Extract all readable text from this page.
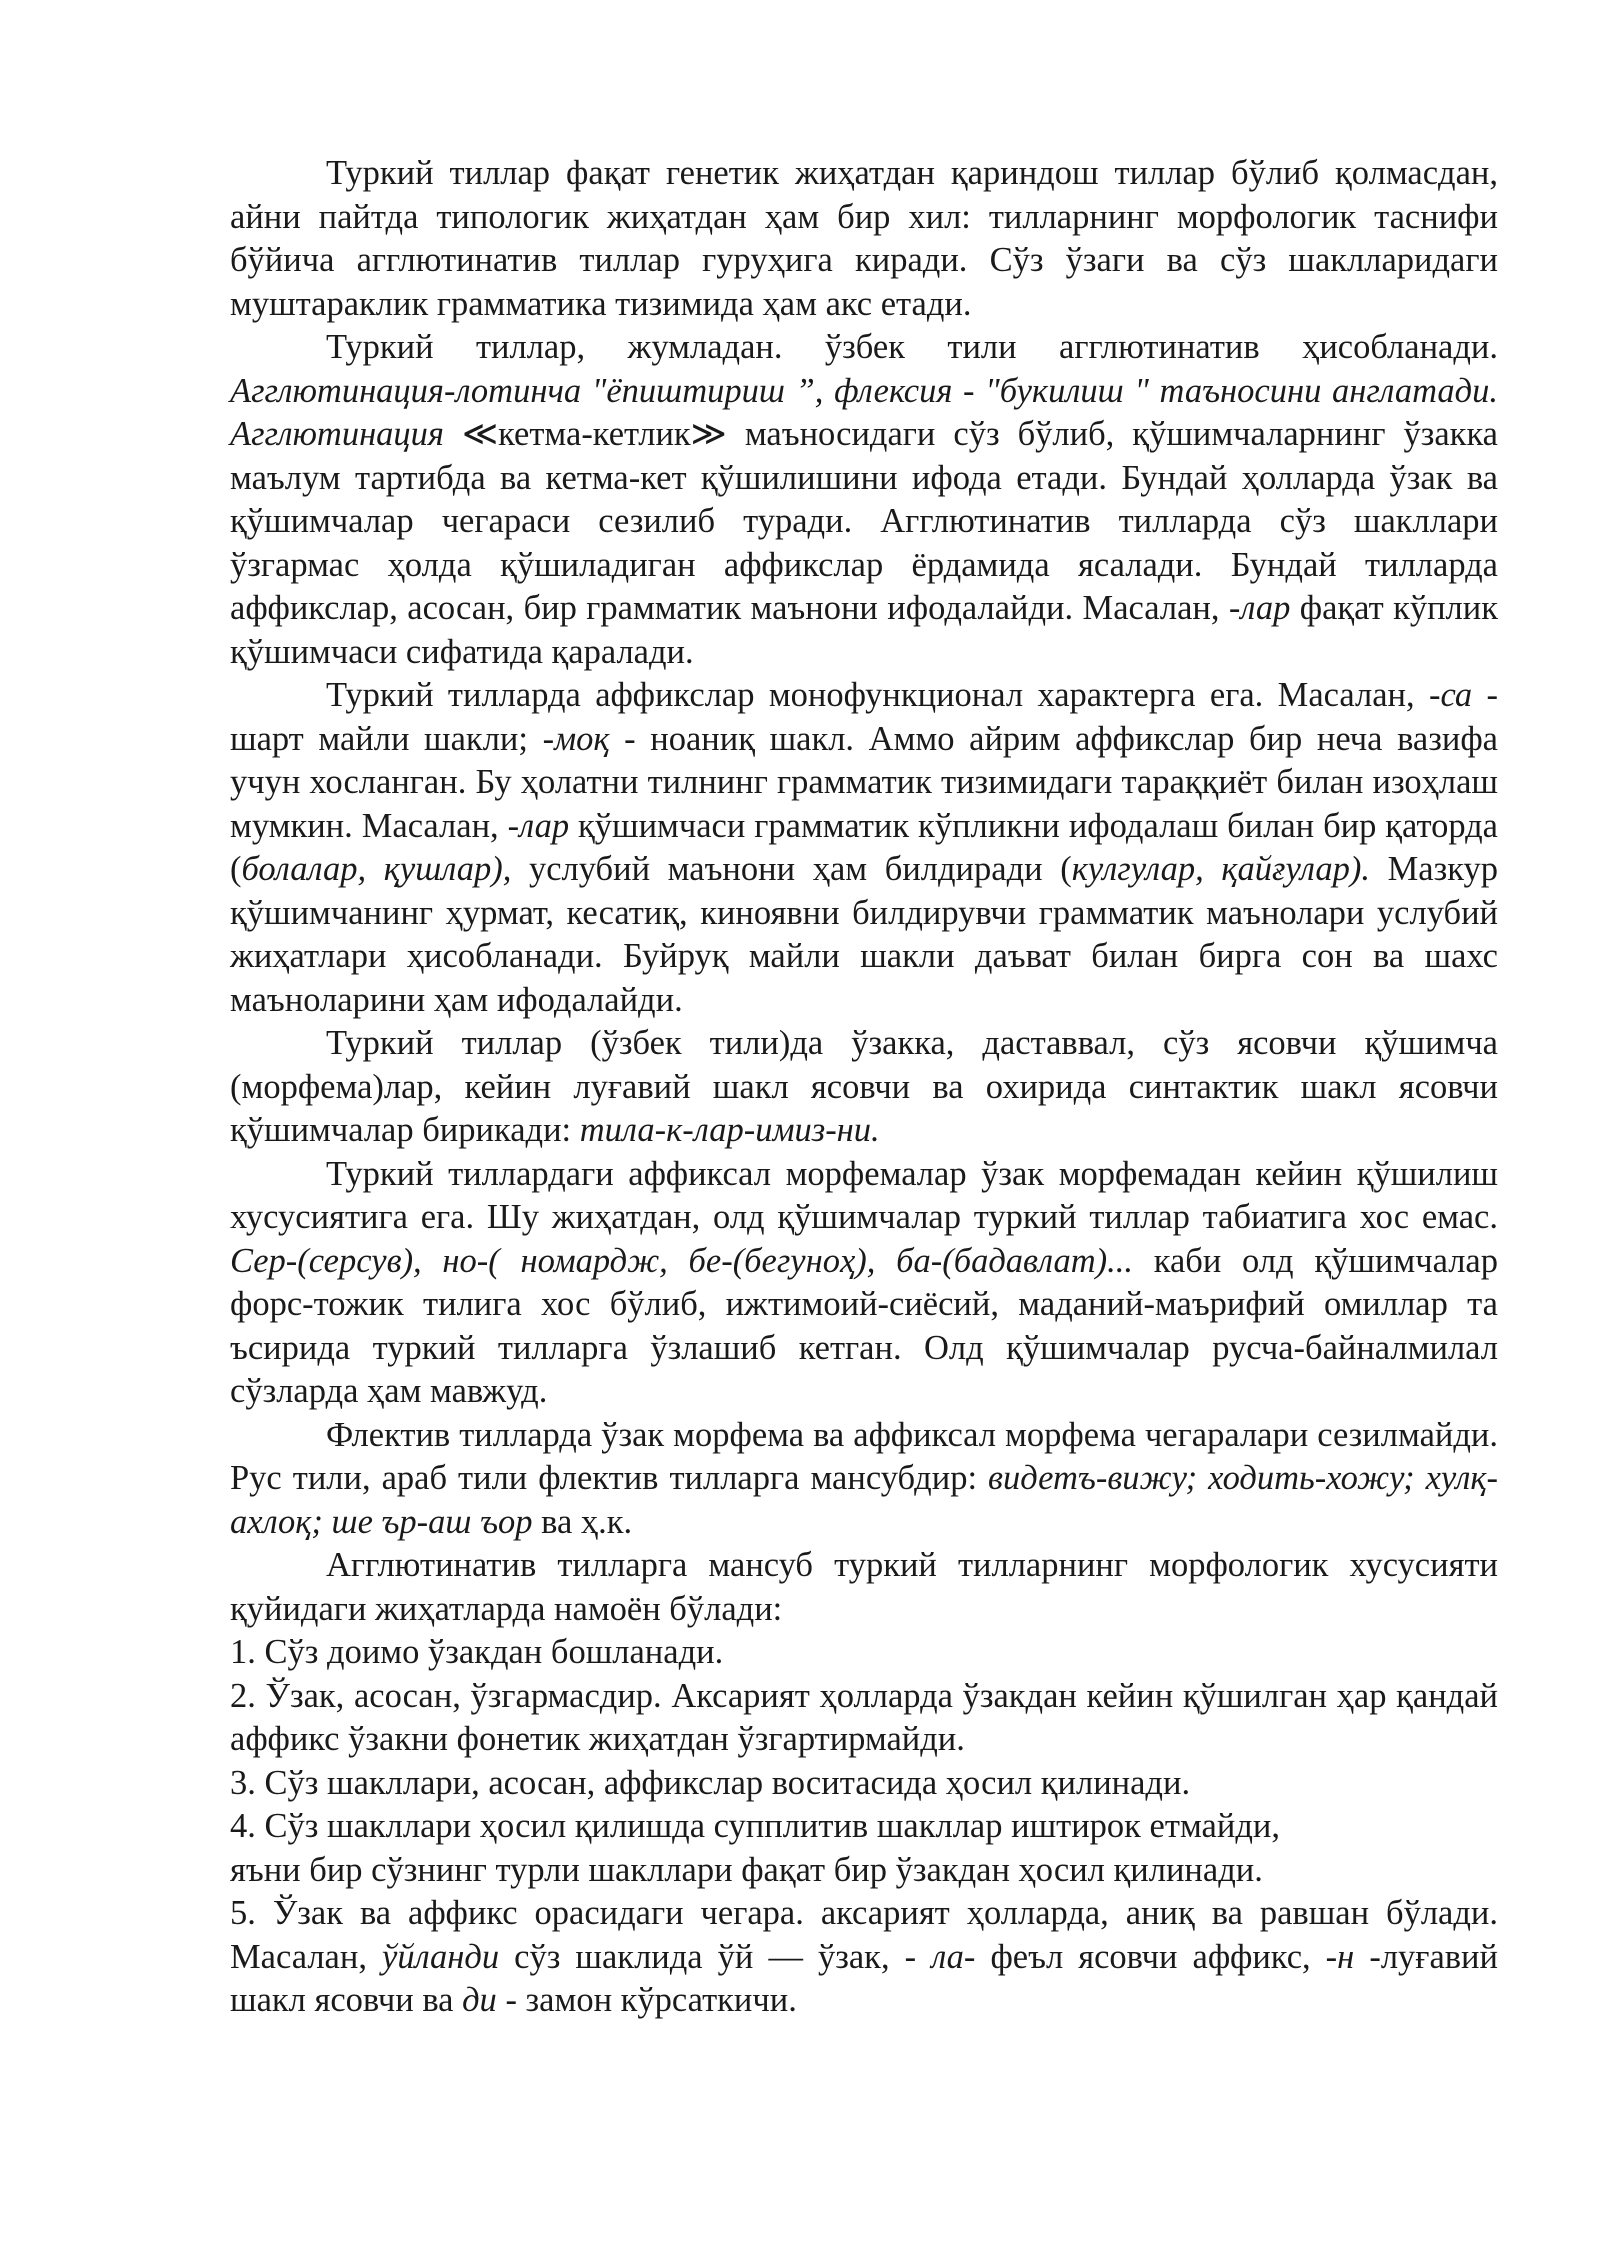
Туркий тиллар фақат генетик жиҳатдан қариндош тиллар бўлиб қолмасдан, айни пайтда типологик жиҳатдан ҳам бир хил: тилларнинг морфологик таснифи бўйича агглютинатив тиллар гуруҳига киради. Сўз ўзаги ва сўз шаклларидаги муштараклик грамматика тизимида ҳам акс етади.

Туркий тиллар, жумладан. ўзбек тили агглютинатив ҳисобланади. Агглютинация-лотинча "ёпиштириш ”, флексия - "букилиш " таъносини англатади. Агглютинация ≪кетма-кетлик≫ маъносидаги сўз бўлиб, қўшимчаларнинг ўзакка маълум тартибда ва кетма-кет қўшилишини ифода етади. Бундай ҳолларда ўзак ва қўшимчалар чегараси сезилиб туради. Агглютинатив тилларда сўз шакллари ўзгармас ҳолда қўшиладиган аффикслар ёрдамида ясалади. Бундай тилларда аффикслар, асосан, бир грамматик маънони ифодалайди. Масалан, -лар фақат кўплик қўшимчаси сифатида қаралади.

Туркий тилларда аффикслар монофункционал характерга ега. Масалан, -са - шарт майли шакли; -моқ - ноаниқ шакл. Аммо айрим аффикслар бир неча вазифа учун хосланган. Бу ҳолатни тилнинг грамматик тизимидаги тараққиёт билан изоҳлаш мумкин. Масалан, -лар қўшимчаси грамматик кўпликни ифодалаш билан бир қаторда (болалар, қушлар), услубий маънони ҳам билдиради (кулгулар, қайғулар). Мазкур қўшимчанинг ҳурмат, кесатиқ, киноявни билдирувчи грамматик маънолари услубий жиҳатлари ҳисобланади. Буйруқ майли шакли даъват билан бирга сон ва шахс маъноларини ҳам ифодалайди.

Туркий тиллар (ўзбек тили)да ўзакка, даставвал, сўз ясовчи қўшимча (морфема)лар, кейин луғавий шакл ясовчи ва охирида синтактик шакл ясовчи қўшимчалар бирикади: тила-к-лар-имиз-ни.

Туркий тиллардаги аффиксал морфемалар ўзак морфемадан кейин қўшилиш хусусиятига ега. Шу жиҳатдан, олд қўшимчалар туркий тиллар табиатига хос емас. Сер-(серсув), но-( номардж, бе-(бегуноҳ), ба-(бадавлат)... каби олд қўшимчалар форс-тожик тилига хос бўлиб, ижтимоий-сиёсий, маданий-маърифий омиллар та ъсирида туркий тилларга ўзлашиб кетган. Олд қўшимчалар русча-байналмилал сўзларда ҳам мавжуд.

Флектив тилларда ўзак морфема ва аффиксал морфема чегаралари сезилмайди. Рус тили, араб тили флектив тилларга мансубдир: видетъ-вижу; ходить-хожу; хулқ-ахлоқ; ше ър-аш ъор ва ҳ.к.

Агглютинатив тилларга мансуб туркий тилларнинг морфологик хусусияти қуйидаги жиҳатларда намоён бўлади:

1. Сўз доимо ўзакдан бошланади.

2. Ўзак, асосан, ўзгармасдир. Аксарият ҳолларда ўзакдан кейин қўшилган ҳар қандай аффикс ўзакни фонетик жиҳатдан ўзгартирмайди.

3. Сўз шакллари, асосан, аффикслар воситасида ҳосил қилинади.

4. Сўз шакллари ҳосил қилишда супплитив шакллар иштирок етмайди,

яъни бир сўзнинг турли шакллари фақат бир ўзакдан ҳосил қилинади.

5. Ўзак ва аффикс орасидаги чегара. аксарият ҳолларда, аниқ ва равшан бўлади. Масалан, ўйланди сўз шаклида ўй — ўзак, - ла- феъл ясовчи аффикс, -н -луғавий шакл ясовчи ва ди - замон кўрсаткичи.
